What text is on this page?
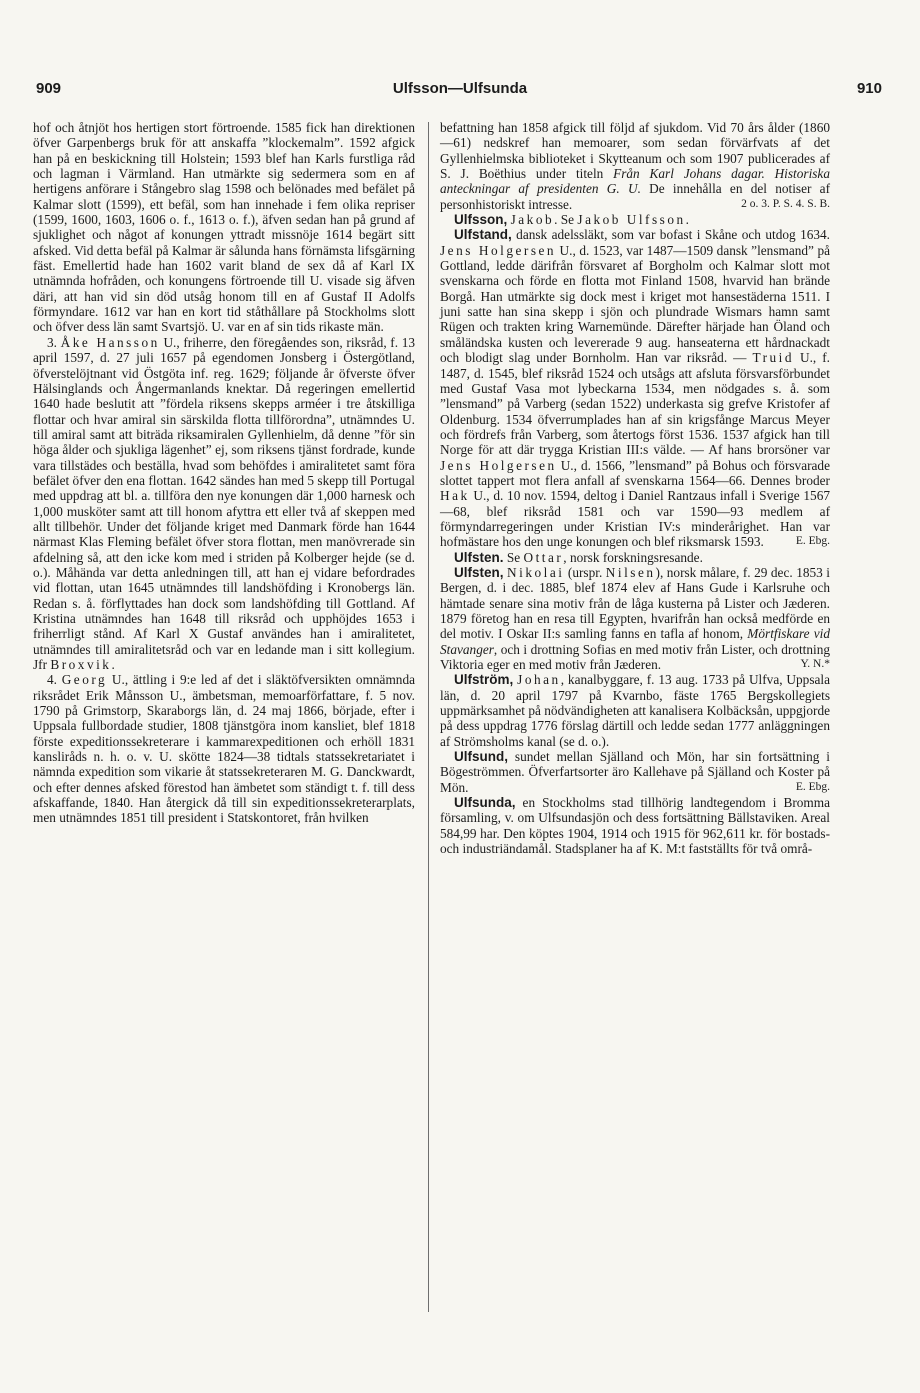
909	Ulfsson—Ulfsunda	910

hof och åtnjöt hos hertigen stort förtroende. 1585 fick han direktionen öfver Garpenbergs bruk för att anskaffa ”klockemalm”. 1592 afgick han på en beskickning till Holstein; 1593 blef han Karls furstliga råd och lagman i Värmland. Han utmärkte sig sedermera som en af hertigens anförare i Stångebro slag 1598 och belönades med befälet på Kalmar slott (1599), ett befäl, som han innehade i fem olika repriser (1599, 1600, 1603, 1606 o. f., 1613 o. f.), äfven sedan han på grund af sjuklighet och något af konungen yttradt missnöje 1614 begärt sitt afsked. Vid detta befäl på Kalmar är sålunda hans förnämsta lifsgärning fäst. Emellertid hade han 1602 varit bland de sex då af Karl IX utnämnda hofråden, och konungens förtroende till U. visade sig äfven däri, att han vid sin död utsåg honom till en af Gustaf II Adolfs förmyndare. 1612 var han en kort tid ståthållare på Stockholms slott och öfver dess län samt Svartsjö. U. var en af sin tids rikaste män.

3. Åke Hansson U., friherre, den föregåendes son, riksråd, f. 13 april 1597, d. 27 juli 1657 på egendomen Jonsberg i Östergötland, öfverstelöjtnant vid Östgöta inf. reg. 1629; följande år öfverste öfver Hälsinglands och Ångermanlands knektar. Då regeringen emellertid 1640 hade beslutit att ”fördela riksens skepps arméer i tre åtskilliga flottar och hvar amiral sin särskilda flotta tillförordna”, utnämndes U. till amiral samt att biträda riksamiralen Gyllenhielm, då denne ”för sin höga ålder och sjukliga lägenhet” ej, som riksens tjänst fordrade, kunde vara tillstädes och beställa, hvad som behöfdes i amiralitetet samt föra befälet öfver den ena flottan. 1642 sändes han med 5 skepp till Portugal med uppdrag att bl. a. tillföra den nye konungen där 1,000 harnesk och 1,000 musköter samt att till honom afyttra ett eller två af skeppen med allt tillbehör. Under det följande kriget med Danmark förde han 1644 närmast Klas Fleming befälet öfver stora flottan, men manövrerade sin afdelning så, att den icke kom med i striden på Kolberger hejde (se d. o.). Måhända var detta anledningen till, att han ej vidare befordrades vid flottan, utan 1645 utnämndes till landshöfding i Kronobergs län. Redan s. å. förflyttades han dock som landshöfding till Gottland. Af Kristina utnämndes han 1648 till riksråd och upphöjdes 1653 i friherrligt stånd. Af Karl X Gustaf användes han i amiralitetet, utnämndes till amiralitetsråd och var en ledande man i sitt kollegium. Jfr Broxvik.

4. Georg U., ättling i 9:e led af det i släktöfversikten omnämnda riksrådet Erik Månsson U., ämbetsman, memoarförfattare, f. 5 nov. 1790 på Grimstorp, Skaraborgs län, d. 24 maj 1866, började, efter i Uppsala fullbordade studier, 1808 tjänstgöra inom kansliet, blef 1818 förste expeditionssekreterare i kammarexpeditionen och erhöll 1831 kansliråds n. h. o. v. U. skötte 1824—38 tidtals statssekretariatet i nämnda expedition som vikarie åt statssekreteraren M. G. Danckwardt, och efter dennes afsked förestod han ämbetet som ständigt t. f. till dess afskaffande, 1840. Han återgick då till sin expeditionssekreterarplats, men utnämndes 1851 till president i Statskontoret, från hvilken

befattning han 1858 afgick till följd af sjukdom. Vid 70 års ålder (1860—61) nedskref han memoarer, som sedan förvärfvats af det Gyllenhielmska biblioteket i Skytteanum och som 1907 publicerades af S. J. Boëthius under titeln Från Karl Johans dagar. Historiska anteckningar af presidenten G. U. De innehålla en del notiser af personhistoriskt intresse.	2 o. 3. P. S. 4. S. B.

Ulfsson, Jakob. Se Jakob Ulfsson.

Ulfstand, dansk adelssläkt, som var bofast i Skåne och utdog 1634. Jens Holgersen U., d. 1523, var 1487—1509 dansk ”lensmand” på Gottland, ledde därifrån försvaret af Borgholm och Kalmar slott mot svenskarna och förde en flotta mot Finland 1508, hvarvid han brände Borgå. Han utmärkte sig dock mest i kriget mot hansestäderna 1511. I juni satte han sina skepp i sjön och plundrade Wismars hamn samt Rügen och trakten kring Warnemünde. Därefter härjade han Öland och småländska kusten och levererade 9 aug. hanseaterna ett hårdnackadt och blodigt slag under Bornholm. Han var riksråd. — Truid U., f. 1487, d. 1545, blef riksråd 1524 och utsågs att afsluta försvarsförbundet med Gustaf Vasa mot lybeckarna 1534, men nödgades s. å. som ”lensmand” på Varberg (sedan 1522) underkasta sig grefve Kristofer af Oldenburg. 1534 öfverrumplades han af sin krigsfånge Marcus Meyer och fördrefs från Varberg, som återtogs först 1536. 1537 afgick han till Norge för att där trygga Kristian III:s välde. — Af hans brorsöner var Jens Holgersen U., d. 1566, ”lensmand” på Bohus och försvarade slottet tappert mot flera anfall af svenskarna 1564—66. Dennes broder Hak U., d. 10 nov. 1594, deltog i Daniel Rantzaus infall i Sverige 1567—68, blef riksråd 1581 och var 1590—93 medlem af förmyndarregeringen under Kristian IV:s minderårighet. Han var hofmästare hos den unge konungen och blef riksmarsk 1593.	E. Ebg.

Ulfsten. Se Ottar, norsk forskningsresande.

Ulfsten, Nikolai (urspr. Nilsen), norsk målare, f. 29 dec. 1853 i Bergen, d. i dec. 1885, blef 1874 elev af Hans Gude i Karlsruhe och hämtade senare sina motiv från de låga kusterna på Lister och Jæderen. 1879 företog han en resa till Egypten, hvarifrån han också medförde en del motiv. I Oskar II:s samling fanns en tafla af honom, Mörtfiskare vid Stavanger, och i drottning Sofias en med motiv från Lister, och drottning Viktoria eger en med motiv från Jæderen.	Y. N.*

Ulfström, Johan, kanalbyggare, f. 13 aug. 1733 på Ulfva, Uppsala län, d. 20 april 1797 på Kvarnbo, fäste 1765 Bergskollegiets uppmärksamhet på nödvändigheten att kanalisera Kolbäcksån, uppgjorde på dess uppdrag 1776 förslag därtill och ledde sedan 1777 anläggningen af Strömsholms kanal (se d. o.).

Ulfsund, sundet mellan Själland och Mön, har sin fortsättning i Bögeströmmen. Öfverfartsorter äro Kallehave på Själland och Koster på Mön.	E. Ebg.

Ulfsunda, en Stockholms stad tillhörig landtegendom i Bromma församling, v. om Ulfsundasjön och dess fortsättning Bällstaviken. Areal 584,99 har. Den köptes 1904, 1914 och 1915 för 962,611 kr. för bostads- och industriändamål. Stadsplaner ha af K. M:t fastställts för två områ-
